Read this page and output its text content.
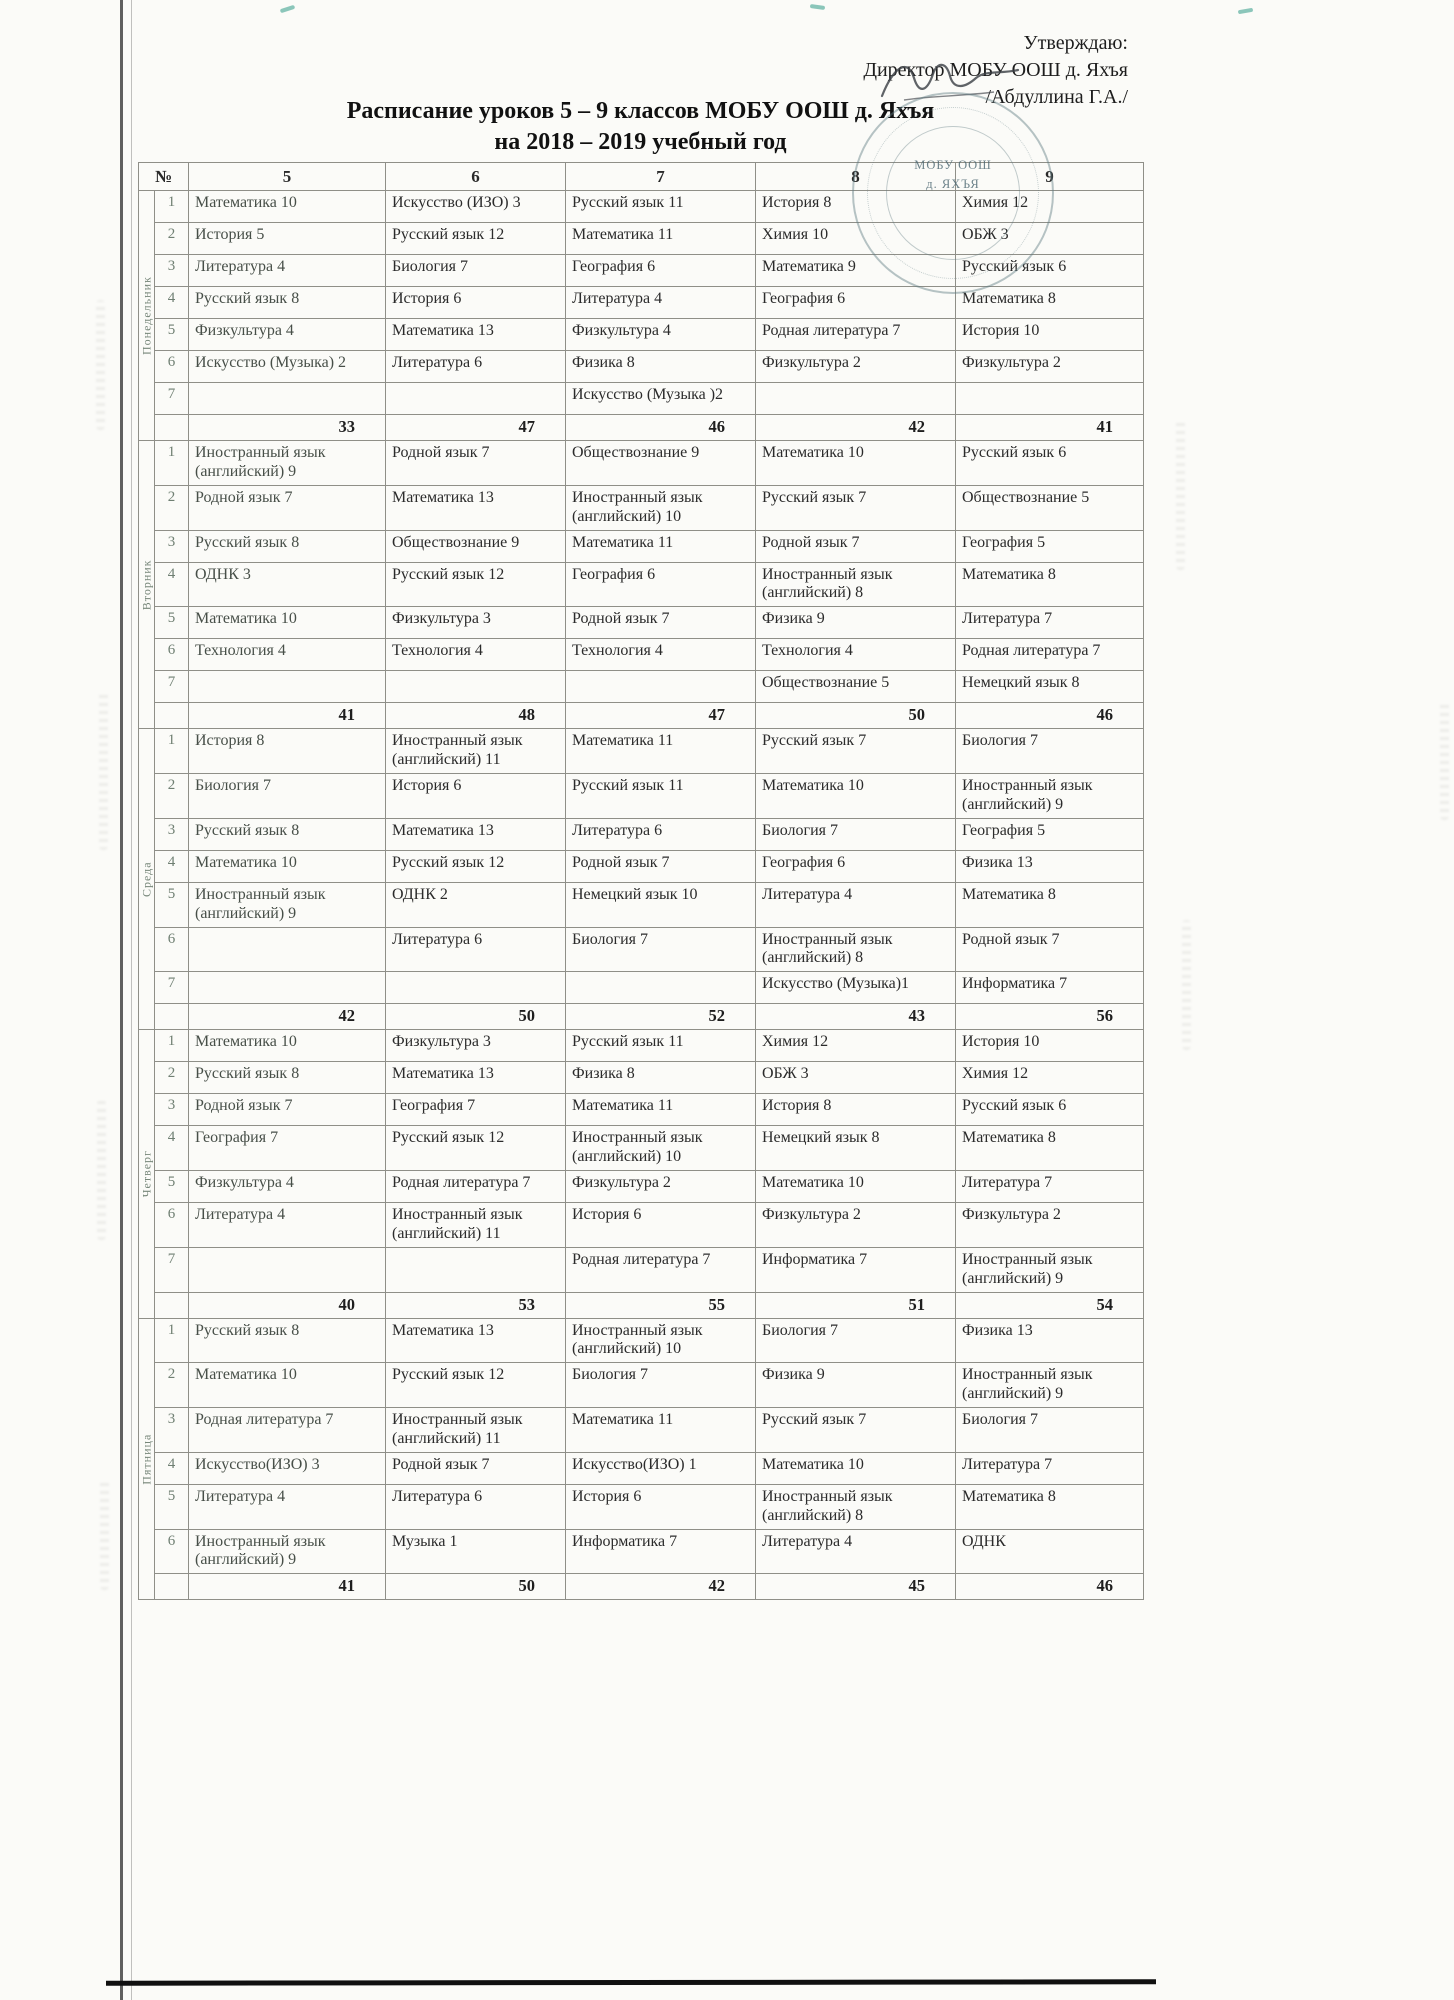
Утверждаю:
Директор МОБУ ООШ д. Яхъя
/Абдуллина Г.А./
Расписание уроков 5 – 9 классов МОБУ ООШ д. Яхъя
на 2018 – 2019 учебный год
МОБУ ООШ
д. ЯХЪЯ
№		5	6	7	8	9
Понедельник	1	Математика 10	Искусство (ИЗО) 3	Русский язык 11	История 8	Химия 12
	2	История 5	Русский язык 12	Математика 11	Химия 10	ОБЖ 3
	3	Литература 4	Биология 7	География 6	Математика 9	Русский язык 6
	4	Русский язык 8	История 6	Литература 4	География 6	Математика 8
	5	Физкультура 4	Математика 13	Физкультура 4	Родная литература 7	История 10
	6	Искусство (Музыка) 2	Литература 6	Физика 8	Физкультура 2	Физкультура 2
	7			Искусство (Музыка )2		
		33	47	46	42	41
Вторник	1	Иностранный язык (английский) 9	Родной язык 7	Обществознание 9	Математика 10	Русский язык 6
	2	Родной язык 7	Математика 13	Иностранный язык (английский) 10	Русский язык 7	Обществознание 5
	3	Русский язык 8	Обществознание 9	Математика 11	Родной язык 7	География 5
	4	ОДНК 3	Русский язык 12	География 6	Иностранный язык (английский) 8	Математика 8
	5	Математика 10	Физкультура 3	Родной язык 7	Физика 9	Литература 7
	6	Технология 4	Технология 4	Технология 4	Технология 4	Родная литература 7
	7				Обществознание 5	Немецкий язык 8
		41	48	47	50	46
Среда	1	История 8	Иностранный язык (английский) 11	Математика 11	Русский язык 7	Биология 7
	2	Биология 7	История 6	Русский язык 11	Математика 10	Иностранный язык (английский) 9
	3	Русский язык 8	Математика 13	Литература 6	Биология 7	География 5
	4	Математика 10	Русский язык 12	Родной язык 7	География 6	Физика 13
	5	Иностранный язык (английский) 9	ОДНК 2	Немецкий язык 10	Литература 4	Математика 8
	6		Литература 6	Биология 7	Иностранный язык (английский) 8	Родной язык 7
	7				Искусство (Музыка)1	Информатика 7
		42	50	52	43	56
Четверг	1	Математика 10	Физкультура 3	Русский язык 11	Химия 12	История 10
	2	Русский язык 8	Математика 13	Физика 8	ОБЖ 3	Химия 12
	3	Родной язык 7	География 7	Математика 11	История 8	Русский язык 6
	4	География 7	Русский язык 12	Иностранный язык (английский) 10	Немецкий язык 8	Математика 8
	5	Физкультура 4	Родная литература 7	Физкультура 2	Математика 10	Литература 7
	6	Литература 4	Иностранный язык (английский) 11	История 6	Физкультура 2	Физкультура 2
	7			Родная литература 7	Информатика 7	Иностранный язык (английский) 9
		40	53	55	51	54
Пятница	1	Русский язык 8	Математика 13	Иностранный язык (английский) 10	Биология 7	Физика 13
	2	Математика 10	Русский язык 12	Биология 7	Физика 9	Иностранный язык (английский) 9
	3	Родная литература 7	Иностранный язык (английский) 11	Математика 11	Русский язык 7	Биология 7
	4	Искусство(ИЗО) 3	Родной язык 7	Искусство(ИЗО) 1	Математика 10	Литература 7
	5	Литература 4	Литература 6	История 6	Иностранный язык (английский) 8	Математика 8
	6	Иностранный язык (английский) 9	Музыка 1	Информатика 7	Литература 4	ОДНК
		41	50	42	45	46
